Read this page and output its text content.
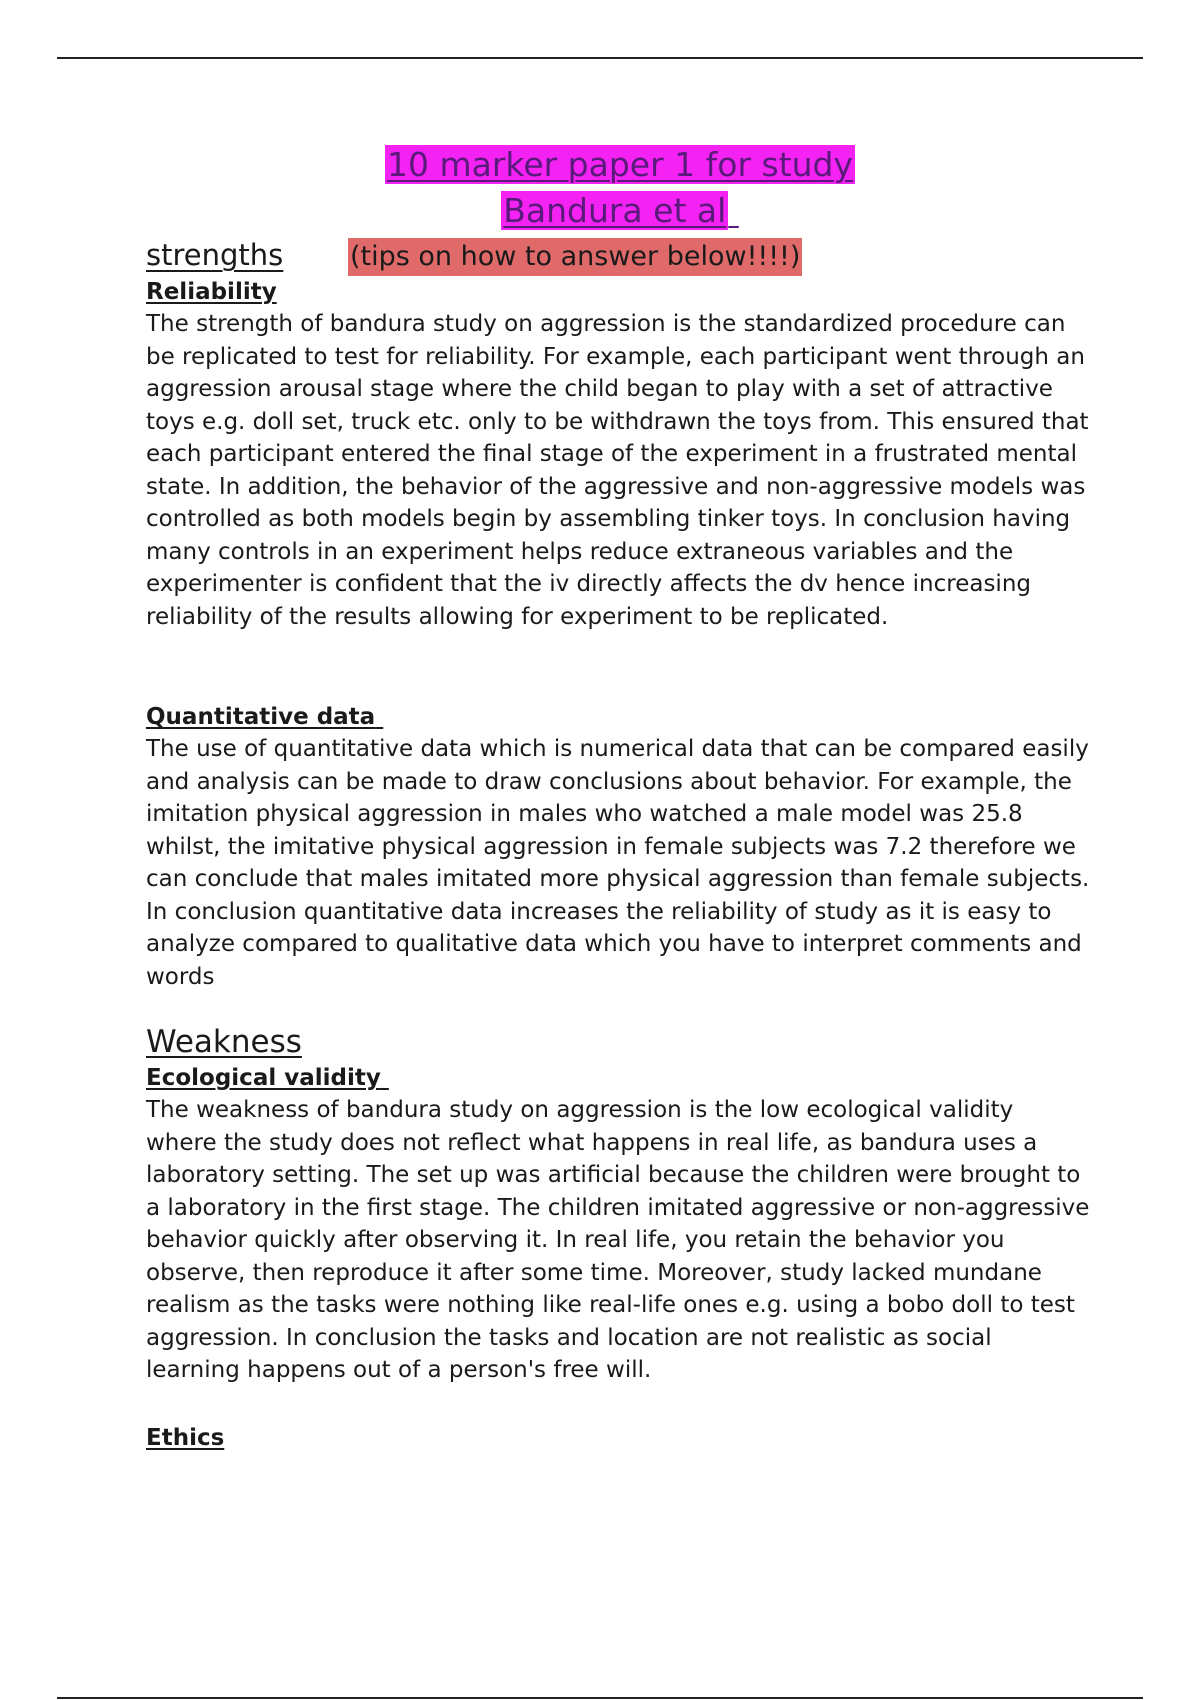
10 marker paper 1 for study
Bandura et al
strengths (tips on how to answer below!!!!)

Reliability

The strength of bandura study on aggression is the standardized procedure can be replicated to test for reliability. For example, each participant went through an aggression arousal stage where the child began to play with a set of attractive toys e.g. doll set, truck etc. only to be withdrawn the toys from. This ensured that each participant entered the final stage of the experiment in a frustrated mental state. In addition, the behavior of the aggressive and non-aggressive models was controlled as both models begin by assembling tinker toys. In conclusion having many controls in an experiment helps reduce extraneous variables and the experimenter is confident that the iv directly affects the dv hence increasing reliability of the results allowing for experiment to be replicated.

Quantitative data

The use of quantitative data which is numerical data that can be compared easily and analysis can be made to draw conclusions about behavior. For example, the imitation physical aggression in males who watched a male model was 25.8 whilst, the imitative physical aggression in female subjects was 7.2 therefore we can conclude that males imitated more physical aggression than female subjects. In conclusion quantitative data increases the reliability of study as it is easy to analyze compared to qualitative data which you have to interpret comments and words

Weakness

Ecological validity

The weakness of bandura study on aggression is the low ecological validity where the study does not reflect what happens in real life, as bandura uses a laboratory setting. The set up was artificial because the children were brought to a laboratory in the first stage. The children imitated aggressive or non-aggressive behavior quickly after observing it. In real life, you retain the behavior you observe, then reproduce it after some time. Moreover, study lacked mundane realism as the tasks were nothing like real-life ones e.g. using a bobo doll to test aggression. In conclusion the tasks and location are not realistic as social learning happens out of a person's free will.

Ethics
